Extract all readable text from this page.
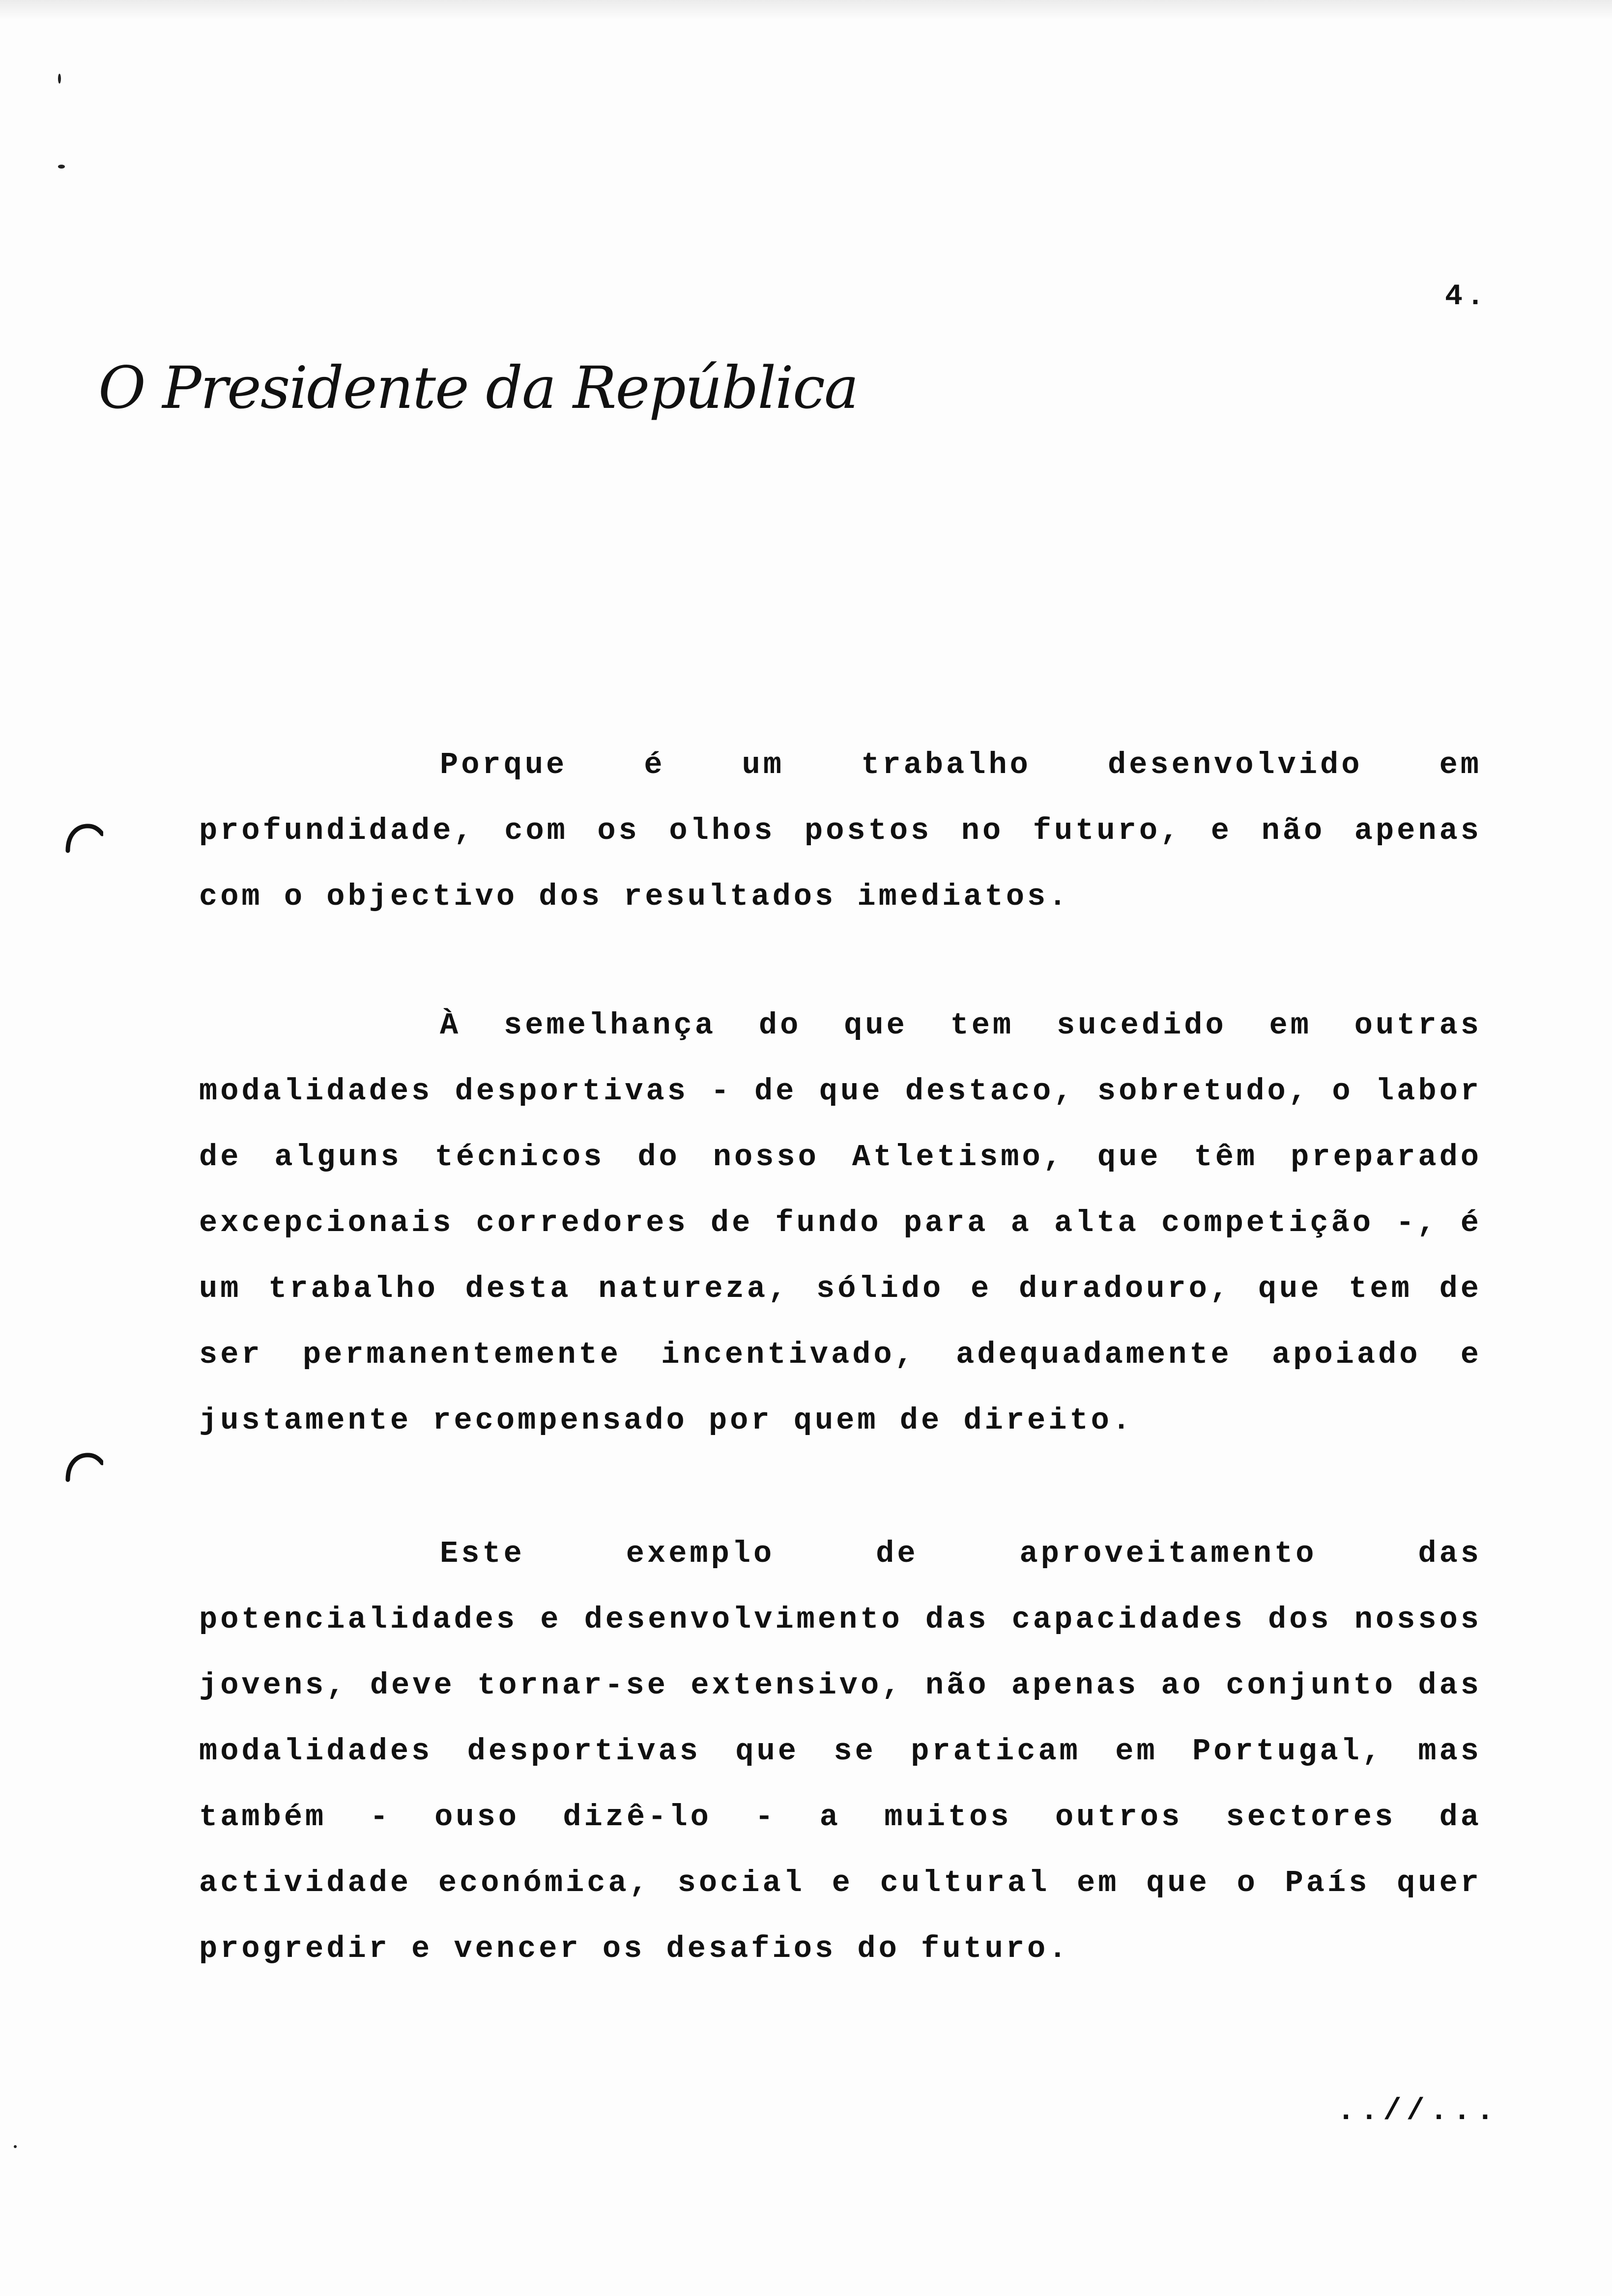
4.
O Presidente da República

Porque é um trabalho desenvolvido em profundidade, com os olhos postos no futuro, e não apenas com o objectivo dos resultados imediatos.

À semelhança do que tem sucedido em outras modalidades desportivas - de que destaco, sobretudo, o labor de alguns técnicos do nosso Atletismo, que têm preparado excepcionais corredores de fundo para a alta competição -, é um trabalho desta natureza, sólido e duradouro, que tem de ser permanentemente incentivado, adequadamente apoiado e justamente recompensado por quem de direito.

Este exemplo de aproveitamento das potencialidades e desenvolvimento das capacidades dos nossos jovens, deve tornar-se extensivo, não apenas ao conjunto das modalidades desportivas que se praticam em Portugal, mas também - ouso dizê-lo - a muitos outros sectores da actividade económica, social e cultural em que o País quer progredir e vencer os desafios do futuro.

..//...
